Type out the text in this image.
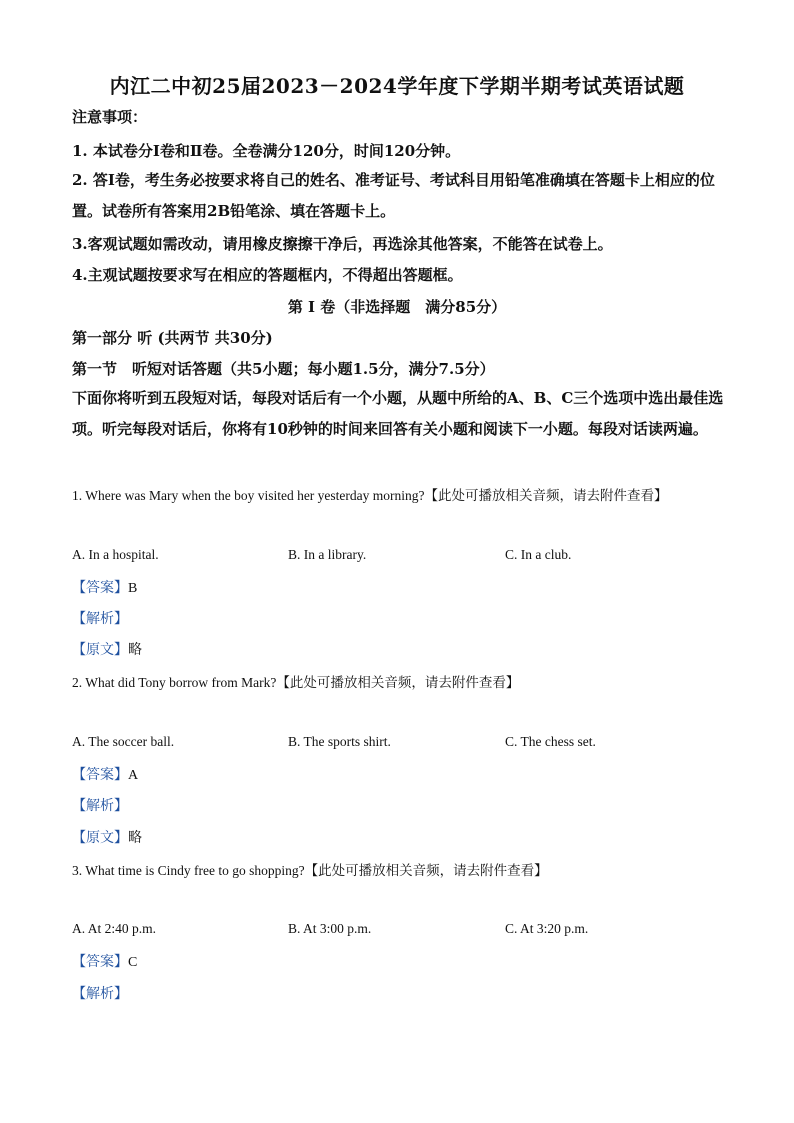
内江二中初25届2023－2024学年度下学期半期考试英语试题
注意事项：
1. 本试卷分Ⅰ卷和Ⅱ卷。全卷满分120分，时间120分钟。
2. 答Ⅰ卷，考生务必按要求将自己的姓名、准考证号、考试科目用铅笔准确填在答题卡上相应的位置。试卷所有答案用2B铅笔涂、填在答题卡上。
3.客观试题如需改动，请用橡皮擦擦干净后，再选涂其他答案，不能答在试卷上。
4.主观试题按要求写在相应的答题框内，不得超出答题框。
第 Ⅰ 卷（非选择题　满分85分）
第一部分 听 (共两节 共30分)
第一节　听短对话答题（共5小题；每小题1.5分，满分7.5分）
下面你将听到五段短对话，每段对话后有一个小题，从题中所给的A、B、C三个选项中选出最佳选项。听完每段对话后，你将有10秒钟的时间来回答有关小题和阅读下一小题。每段对话读两遍。
1. Where was Mary when the boy visited her yesterday morning?【此处可播放相关音频，请去附件查看】
A. In a hospital.	B. In a library.	C. In a club.
【答案】B
【解析】
【原文】略
2. What did Tony borrow from Mark?【此处可播放相关音频，请去附件查看】
A. The soccer ball.	B. The sports shirt.	C. The chess set.
【答案】A
【解析】
【原文】略
3. What time is Cindy free to go shopping?【此处可播放相关音频，请去附件查看】
A. At 2:40 p.m.	B. At 3:00 p.m.	C. At 3:20 p.m.
【答案】C
【解析】
